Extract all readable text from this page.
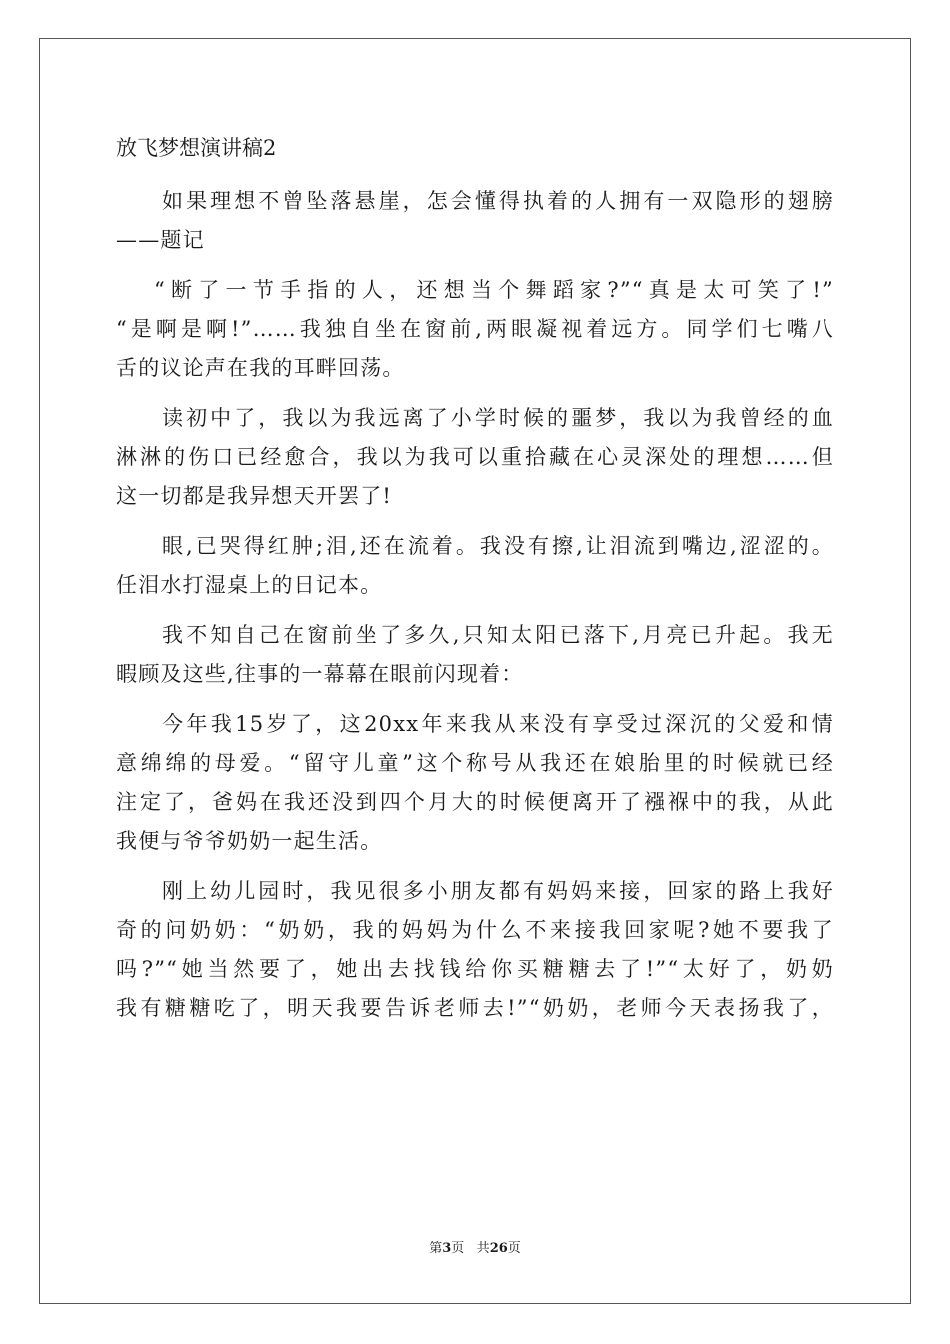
放飞梦想演讲稿2
如果理想不曾坠落悬崖，怎会懂得执着的人拥有一双隐形的翅膀
——题记
“断了一节手指的人，还想当个舞蹈家?”“真是太可笑了!”
“是啊是啊!”……我独自坐在窗前,两眼凝视着远方。同学们七嘴八
舌的议论声在我的耳畔回荡。
读初中了，我以为我远离了小学时候的噩梦，我以为我曾经的血
淋淋的伤口已经愈合，我以为我可以重拾藏在心灵深处的理想……但
这一切都是我异想天开罢了!
眼,已哭得红肿;泪,还在流着。我没有擦,让泪流到嘴边,涩涩的。
任泪水打湿桌上的日记本。
我不知自己在窗前坐了多久,只知太阳已落下,月亮已升起。我无
暇顾及这些,往事的一幕幕在眼前闪现着：
今年我15岁了，这20xx年来我从来没有享受过深沉的父爱和情
意绵绵的母爱。“留守儿童”这个称号从我还在娘胎里的时候就已经
注定了，爸妈在我还没到四个月大的时候便离开了襁褓中的我，从此
我便与爷爷奶奶一起生活。
刚上幼儿园时，我见很多小朋友都有妈妈来接，回家的路上我好
奇的问奶奶：“奶奶，我的妈妈为什么不来接我回家呢?她不要我了
吗?”“她当然要了，她出去找钱给你买糖糖去了!”“太好了，奶奶
我有糖糖吃了，明天我要告诉老师去!”“奶奶，老师今天表扬我了，
第3页 共26页
